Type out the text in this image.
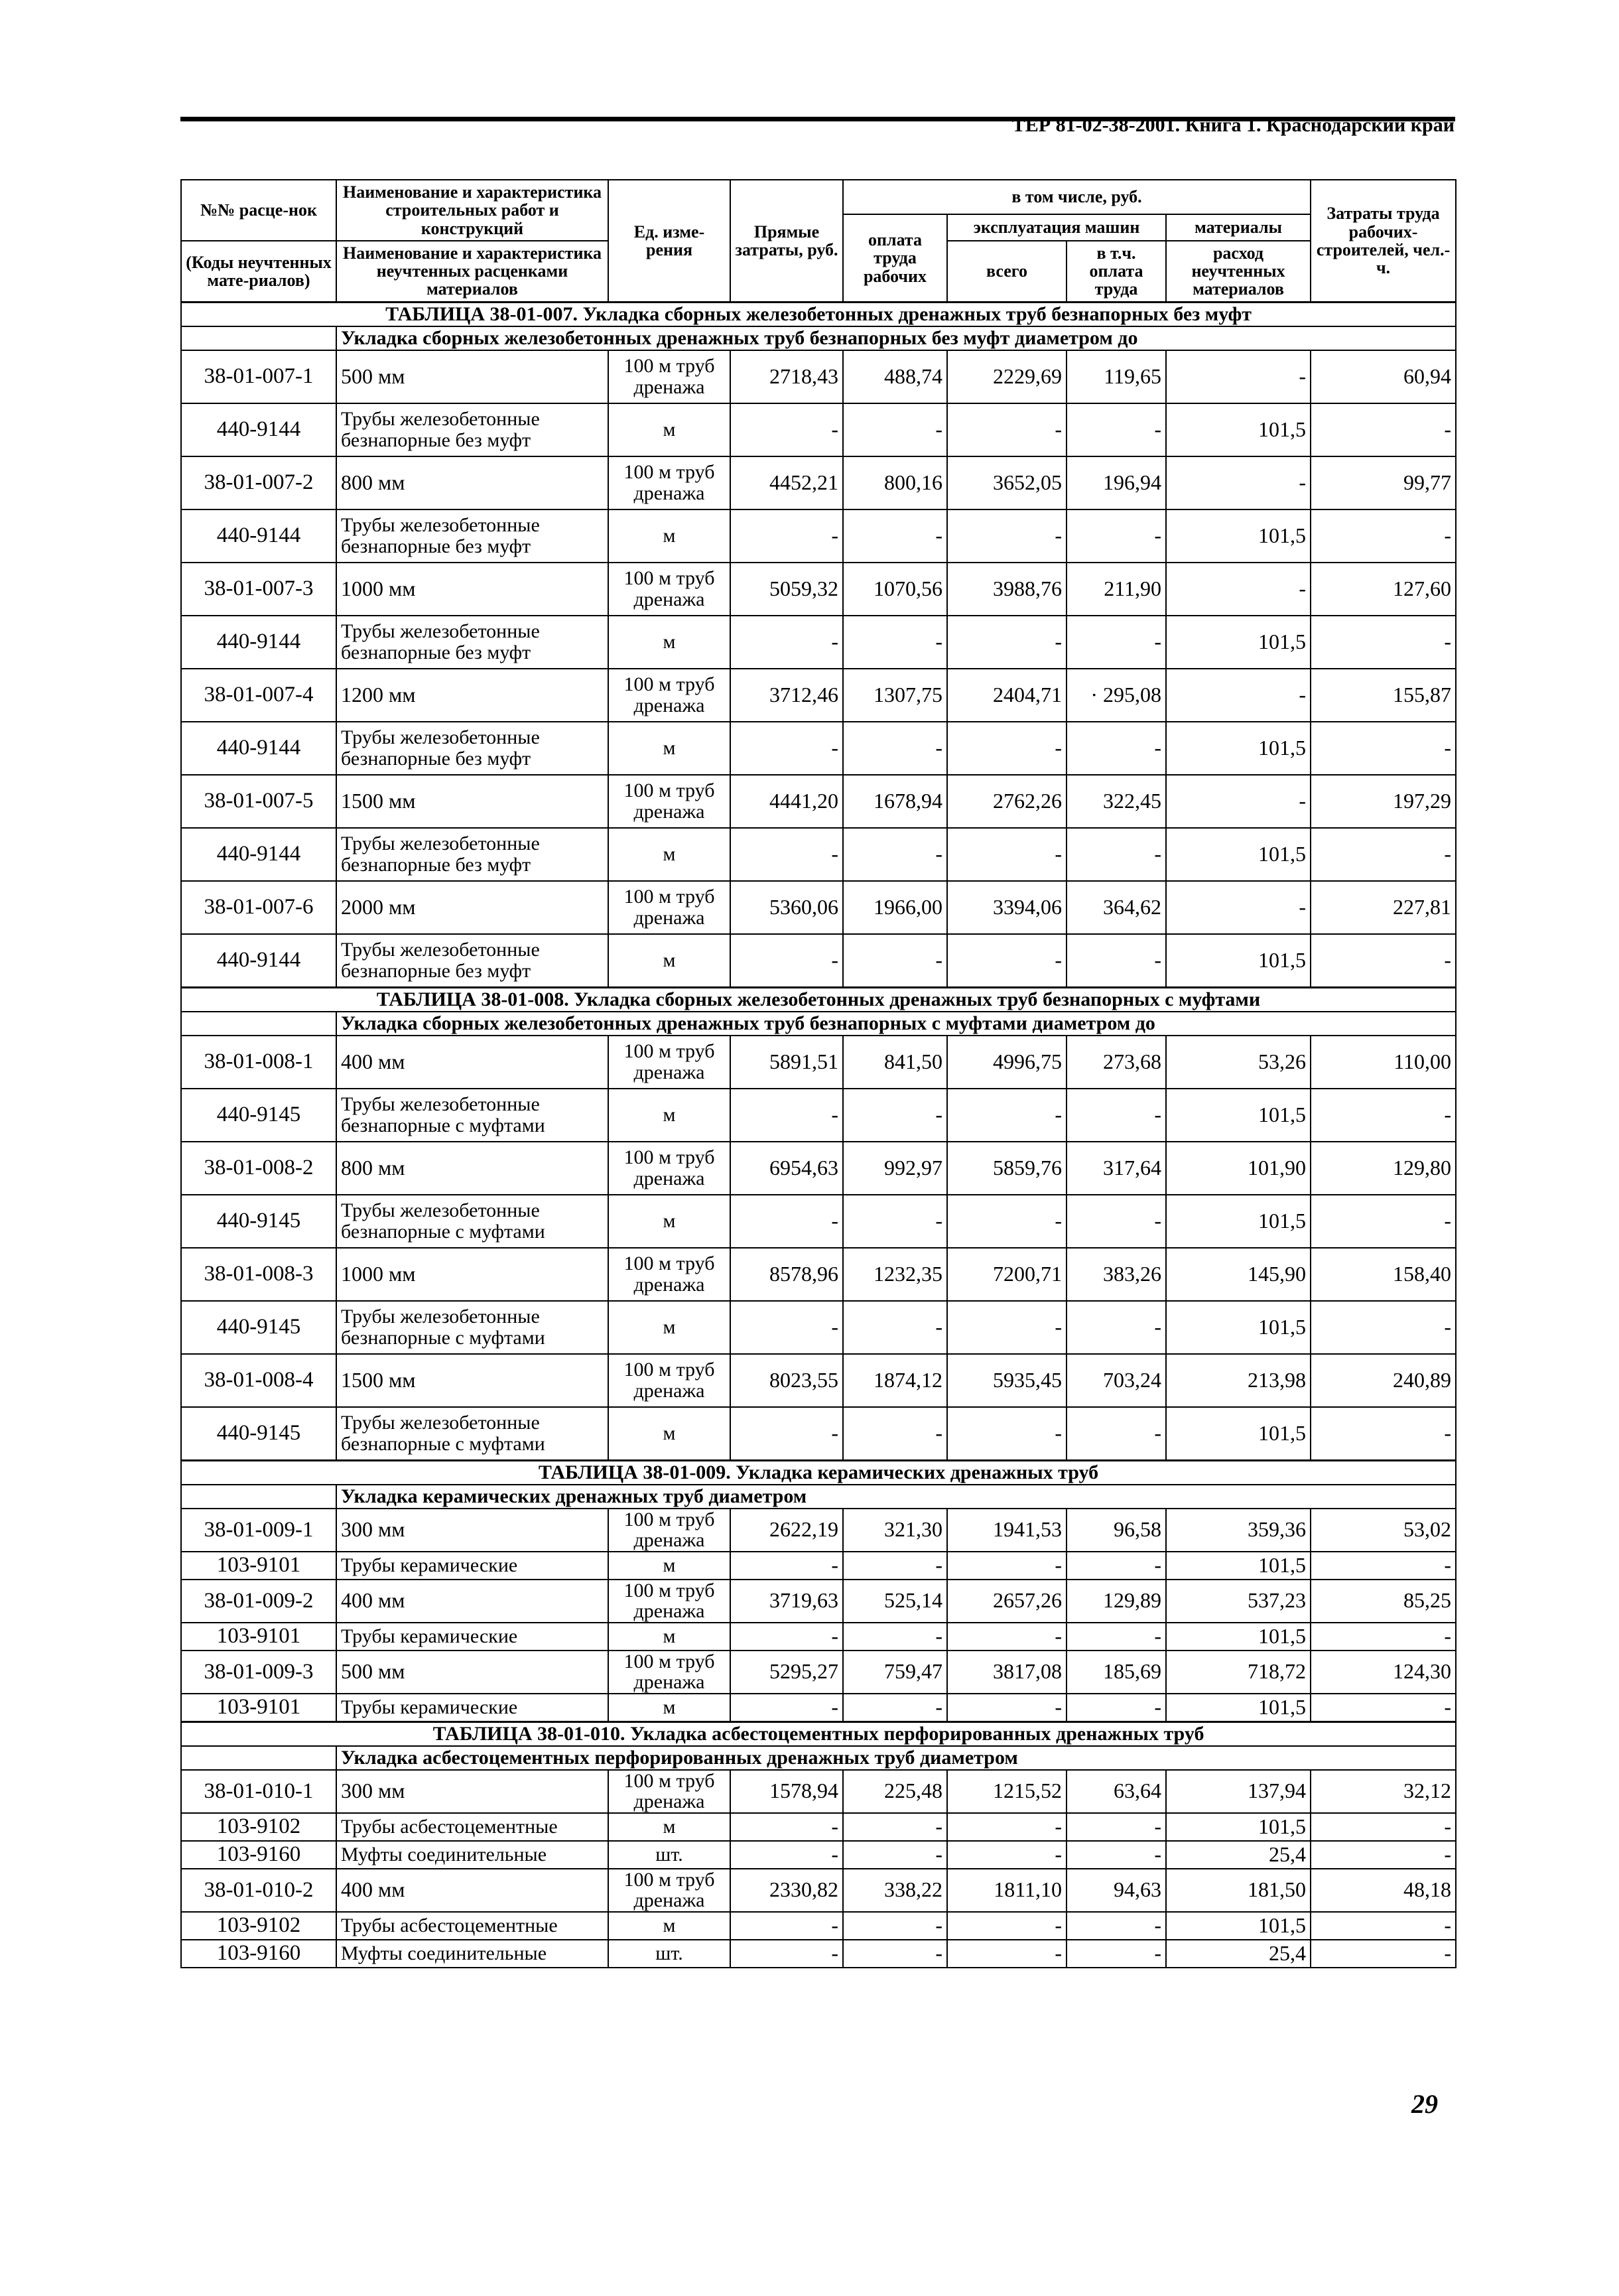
ТЕР 81-02-38-2001. Книга 1. Краснодарский край
№№ расце-нок	Наименование и характеристика строительных работ и конструкций	Ед. изме-рения	Прямые затраты, руб.	в том числе, руб.				Затраты труда рабочих-строителей, чел.-ч.
				оплата труда рабочих	эксплуатация машин		материалы	
(Коды неучтенных мате-риалов)	Наименование и характеристика неучтенных расценками материалов				всего	в т.ч. оплата труда		
							расход неучтенных материалов	
ТАБЛИЦА 38-01-007. Укладка сборных железобетонных дренажных труб безнапорных без муфт								
	Укладка сборных железобетонных дренажных труб безнапорных без муфт диаметром до							
38-01-007-1	500 мм	100 м труб дренажа	2718,43	488,74	2229,69	119,65	-	60,94
440-9144	Трубы железобетонные безнапорные без муфт	м	-	-	-	-	101,5	-
38-01-007-2	800 мм	100 м труб дренажа	4452,21	800,16	3652,05	196,94	-	99,77
440-9144	Трубы железобетонные безнапорные без муфт	м	-	-	-	-	101,5	-
38-01-007-3	1000 мм	100 м труб дренажа	5059,32	1070,56	3988,76	211,90	-	127,60
440-9144	Трубы железобетонные безнапорные без муфт	м	-	-	-	-	101,5	-
38-01-007-4	1200 мм	100 м труб дренажа	3712,46	1307,75	2404,71	· 295,08	-	155,87
440-9144	Трубы железобетонные безнапорные без муфт	м	-	-	-	-	101,5	-
38-01-007-5	1500 мм	100 м труб дренажа	4441,20	1678,94	2762,26	322,45	-	197,29
440-9144	Трубы железобетонные безнапорные без муфт	м	-	-	-	-	101,5	-
38-01-007-6	2000 мм	100 м труб дренажа	5360,06	1966,00	3394,06	364,62	-	227,81
440-9144	Трубы железобетонные безнапорные без муфт	м	-	-	-	-	101,5	-
ТАБЛИЦА 38-01-008. Укладка сборных железобетонных дренажных труб безнапорных с муфтами								
	Укладка сборных железобетонных дренажных труб безнапорных с муфтами диаметром до							
38-01-008-1	400 мм	100 м труб дренажа	5891,51	841,50	4996,75	273,68	53,26	110,00
440-9145	Трубы железобетонные безнапорные с муфтами	м	-	-	-	-	101,5	-
38-01-008-2	800 мм	100 м труб дренажа	6954,63	992,97	5859,76	317,64	101,90	129,80
440-9145	Трубы железобетонные безнапорные с муфтами	м	-	-	-	-	101,5	-
38-01-008-3	1000 мм	100 м труб дренажа	8578,96	1232,35	7200,71	383,26	145,90	158,40
440-9145	Трубы железобетонные безнапорные с муфтами	м	-	-	-	-	101,5	-
38-01-008-4	1500 мм	100 м труб дренажа	8023,55	1874,12	5935,45	703,24	213,98	240,89
440-9145	Трубы железобетонные безнапорные с муфтами	м	-	-	-	-	101,5	-
ТАБЛИЦА 38-01-009. Укладка керамических дренажных труб								
	Укладка керамических дренажных труб диаметром							
38-01-009-1	300 мм	100 м труб дренажа	2622,19	321,30	1941,53	96,58	359,36	53,02
103-9101	Трубы керамические	м	-	-	-	-	101,5	-
38-01-009-2	400 мм	100 м труб дренажа	3719,63	525,14	2657,26	129,89	537,23	85,25
103-9101	Трубы керамические	м	-	-	-	-	101,5	-
38-01-009-3	500 мм	100 м труб дренажа	5295,27	759,47	3817,08	185,69	718,72	124,30
103-9101	Трубы керамические	м	-	-	-	-	101,5	-
ТАБЛИЦА 38-01-010. Укладка асбестоцементных перфорированных дренажных труб								
	Укладка асбестоцементных перфорированных дренажных труб диаметром							
38-01-010-1	300 мм	100 м труб дренажа	1578,94	225,48	1215,52	63,64	137,94	32,12
103-9102	Трубы асбестоцементные	м	-	-	-	-	101,5	-
103-9160	Муфты соединительные	шт.	-	-	-	-	25,4	-
38-01-010-2	400 мм	100 м труб дренажа	2330,82	338,22	1811,10	94,63	181,50	48,18
103-9102	Трубы асбестоцементные	м	-	-	-	-	101,5	-
103-9160	Муфты соединительные	шт.	-	-	-	-	25,4	-
29
